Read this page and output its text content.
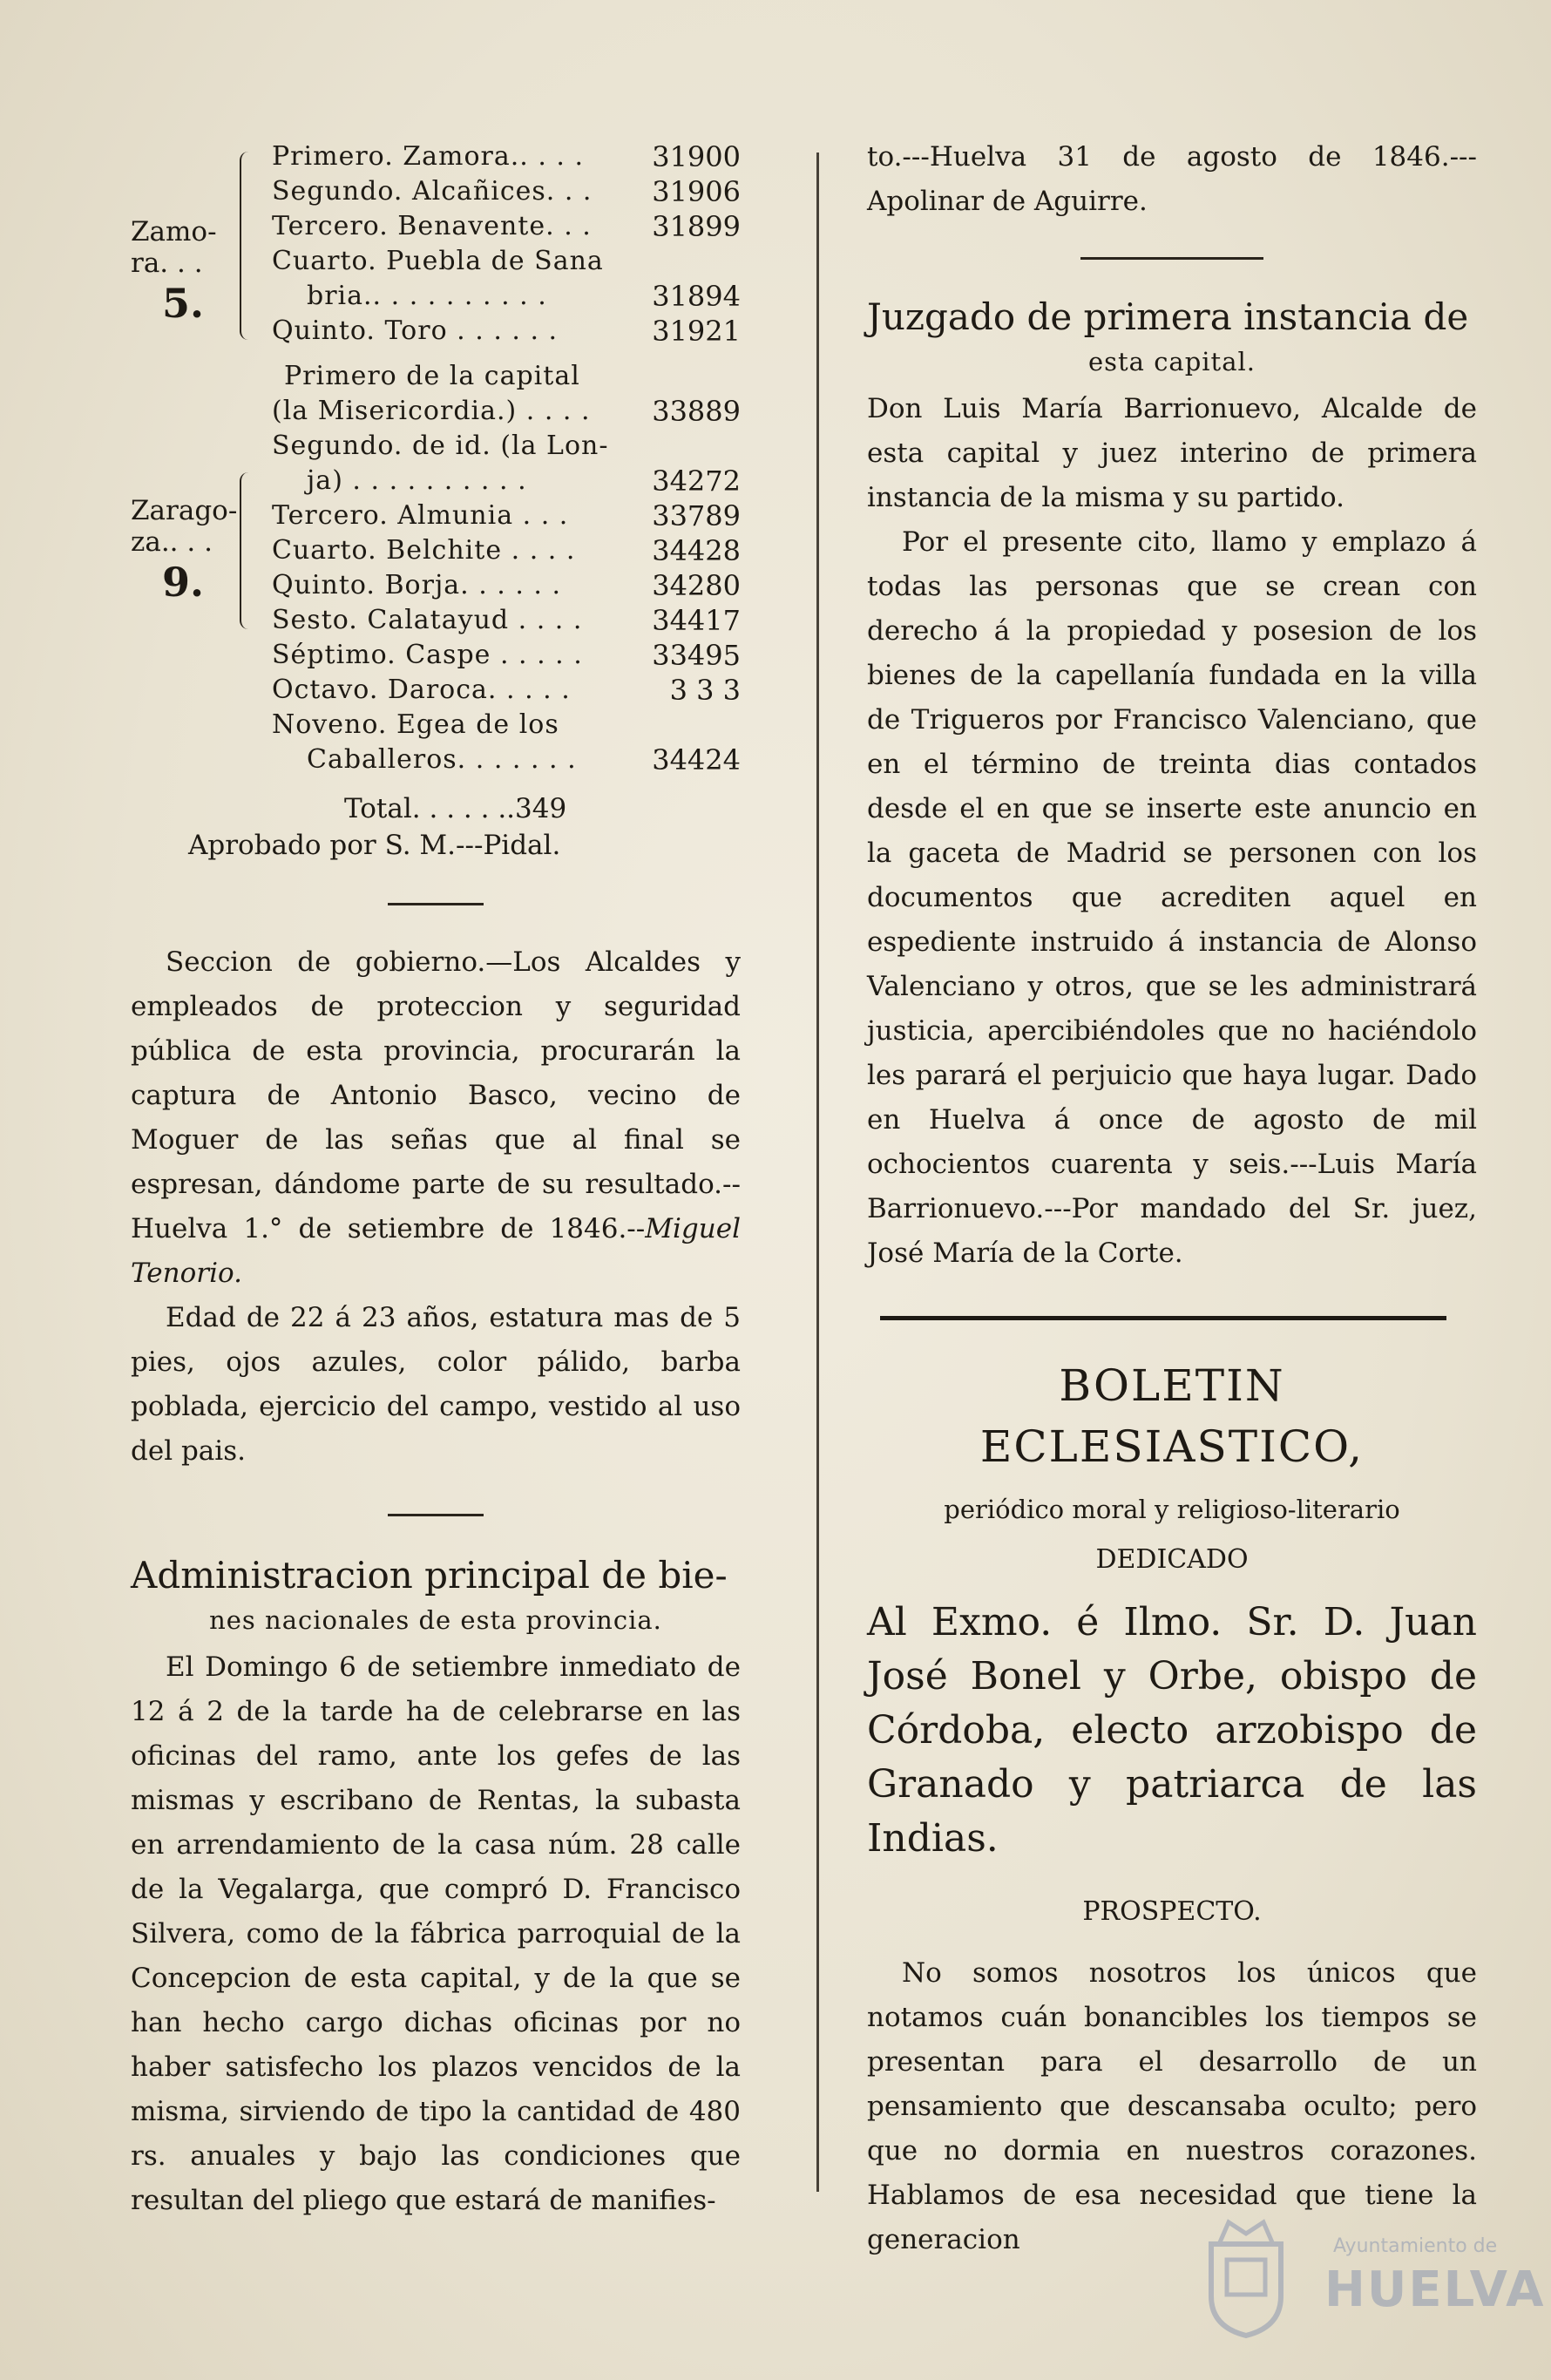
Zamo-
ra. . .

5.

Primero. Zamora.. . . .	31900
Segundo. Alcañices. . .	31906
Tercero. Benavente. . .	31899
Cuarto. Puebla de Sana
bria.. . . . . . . . . .	31894
Quinto. Toro . . . . . .	31921

Zarago-
za.. . .

9.

Primero de la capital
(la Misericordia.) . . . .	33889
Segundo. de id. (la Lon-
ja) . . . . . . . . . .	34272
Tercero. Almunia . . .	33789
Cuarto. Belchite . . . .	34428
Quinto. Borja. . . . . .	34280
Sesto. Calatayud . . . .	34417
Séptimo. Caspe . . . . .	33495
Octavo. Daroca. . . . .	3 3 3
Noveno. Egea de los
Caballeros. . . . . . .	34424
Total. . . . . ..349
Aprobado por S. M.---Pidal.

Seccion de gobierno.—Los Alcaldes y empleados de proteccion y seguridad pública de esta provincia, procurarán la captura de Antonio Basco, vecino de Moguer de las señas que al final se espresan, dándome parte de su resultado.--Huelva 1.° de setiembre de 1846.--Miguel Tenorio.

Edad de 22 á 23 años, estatura mas de 5 pies, ojos azules, color pálido, barba poblada, ejercicio del campo, vestido al uso del pais.

Administracion principal de bie-

nes nacionales de esta provincia.

El Domingo 6 de setiembre inmediato de 12 á 2 de la tarde ha de celebrarse en las oficinas del ramo, ante los gefes de las mismas y escribano de Rentas, la subasta en arrendamiento de la casa núm. 28 calle de la Vegalarga, que compró D. Francisco Silvera, como de la fábrica parroquial de la Concepcion de esta capital, y de la que se han hecho cargo dichas oficinas por no haber satisfecho los plazos vencidos de la misma, sirviendo de tipo la cantidad de 480 rs. anuales y bajo las condiciones que resultan del pliego que estará de manifies-

to.---Huelva 31 de agosto de 1846.---Apolinar de Aguirre.

Juzgado de primera instancia de

esta capital.

Don Luis María Barrionuevo, Alcalde de esta capital y juez interino de primera instancia de la misma y su partido.

Por el presente cito, llamo y emplazo á todas las personas que se crean con derecho á la propiedad y posesion de los bienes de la capellanía fundada en la villa de Trigueros por Francisco Valenciano, que en el término de treinta dias contados desde el en que se inserte este anuncio en la gaceta de Madrid se personen con los documentos que acrediten aquel en espediente instruido á instancia de Alonso Valenciano y otros, que se les administrará justicia, apercibiéndoles que no haciéndolo les parará el perjuicio que haya lugar. Dado en Huelva á once de agosto de mil ochocientos cuarenta y seis.---Luis María Barrionuevo.---Por mandado del Sr. juez, José María de la Corte.

BOLETIN ECLESIASTICO,

periódico moral y religioso-literario

DEDICADO

Al Exmo. é Ilmo. Sr. D. Juan José Bonel y Orbe, obispo de Córdoba, electo arzobispo de Granado y patriarca de las Indias.

PROSPECTO.

No somos nosotros los únicos que notamos cuán bonancibles los tiempos se presentan para el desarrollo de un pensamiento que descansaba oculto; pero que no dormia en nuestros corazones. Hablamos de esa necesidad que tiene la generacion	Ayuntamiento de
HUELVA
